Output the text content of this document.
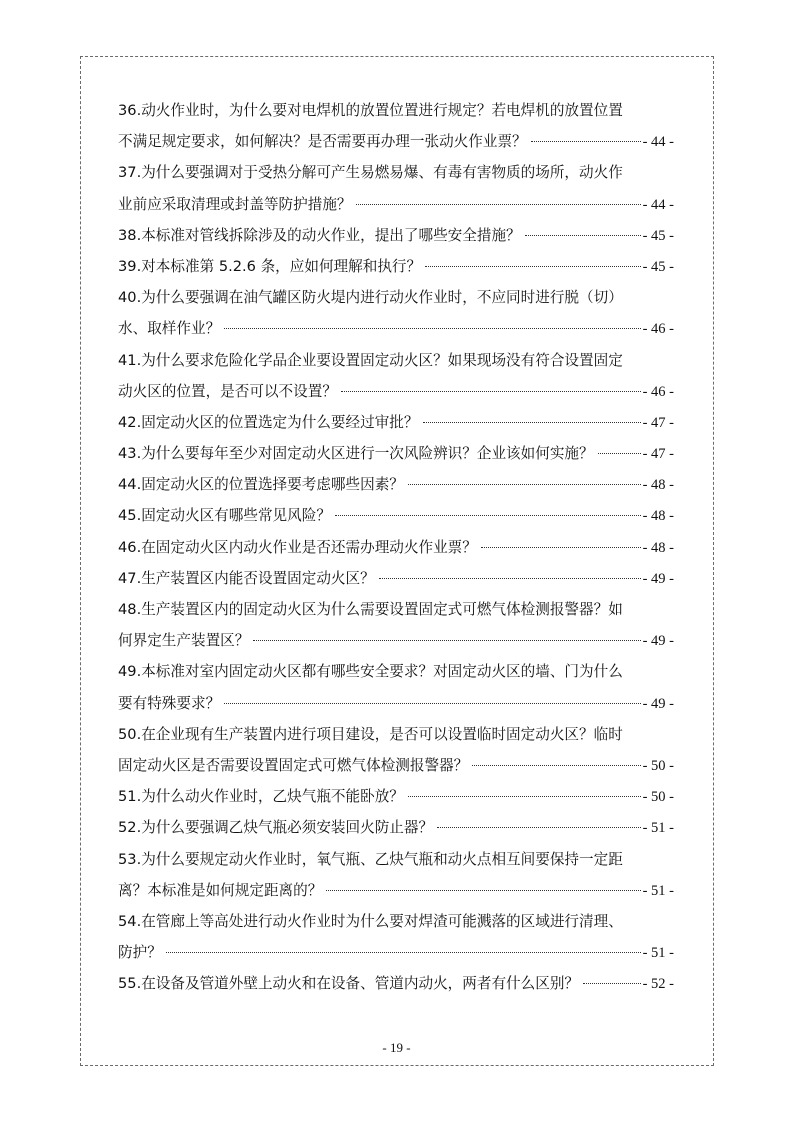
36.动火作业时，为什么要对电焊机的放置位置进行规定？若电焊机的放置位置
不满足规定要求，如何解决？是否需要再办理一张动火作业票？	- 44 -
37.为什么要强调对于受热分解可产生易燃易爆、有毒有害物质的场所，动火作
业前应采取清理或封盖等防护措施？	- 44 -
38.本标准对管线拆除涉及的动火作业，提出了哪些安全措施？	- 45 -
39.对本标准第 5.2.6 条，应如何理解和执行？	- 45 -
40.为什么要强调在油气罐区防火堤内进行动火作业时，不应同时进行脱（切）
水、取样作业？	- 46 -
41.为什么要求危险化学品企业要设置固定动火区？如果现场没有符合设置固定
动火区的位置，是否可以不设置？	- 46 -
42.固定动火区的位置选定为什么要经过审批？	- 47 -
43.为什么要每年至少对固定动火区进行一次风险辨识？企业该如何实施？	- 47 -
44.固定动火区的位置选择要考虑哪些因素？	- 48 -
45.固定动火区有哪些常见风险？	- 48 -
46.在固定动火区内动火作业是否还需办理动火作业票？	- 48 -
47.生产装置区内能否设置固定动火区？	- 49 -
48.生产装置区内的固定动火区为什么需要设置固定式可燃气体检测报警器？如
何界定生产装置区？	- 49 -
49.本标准对室内固定动火区都有哪些安全要求？对固定动火区的墙、门为什么
要有特殊要求？	- 49 -
50.在企业现有生产装置内进行项目建设，是否可以设置临时固定动火区？临时
固定动火区是否需要设置固定式可燃气体检测报警器？	- 50 -
51.为什么动火作业时，乙炔气瓶不能卧放？	- 50 -
52.为什么要强调乙炔气瓶必须安装回火防止器？	- 51 -
53.为什么要规定动火作业时，氧气瓶、乙炔气瓶和动火点相互间要保持一定距
离？本标准是如何规定距离的？	- 51 -
54.在管廊上等高处进行动火作业时为什么要对焊渣可能溅落的区域进行清理、
防护？	- 51 -
55.在设备及管道外壁上动火和在设备、管道内动火，两者有什么区别？	- 52 -
- 19 -
